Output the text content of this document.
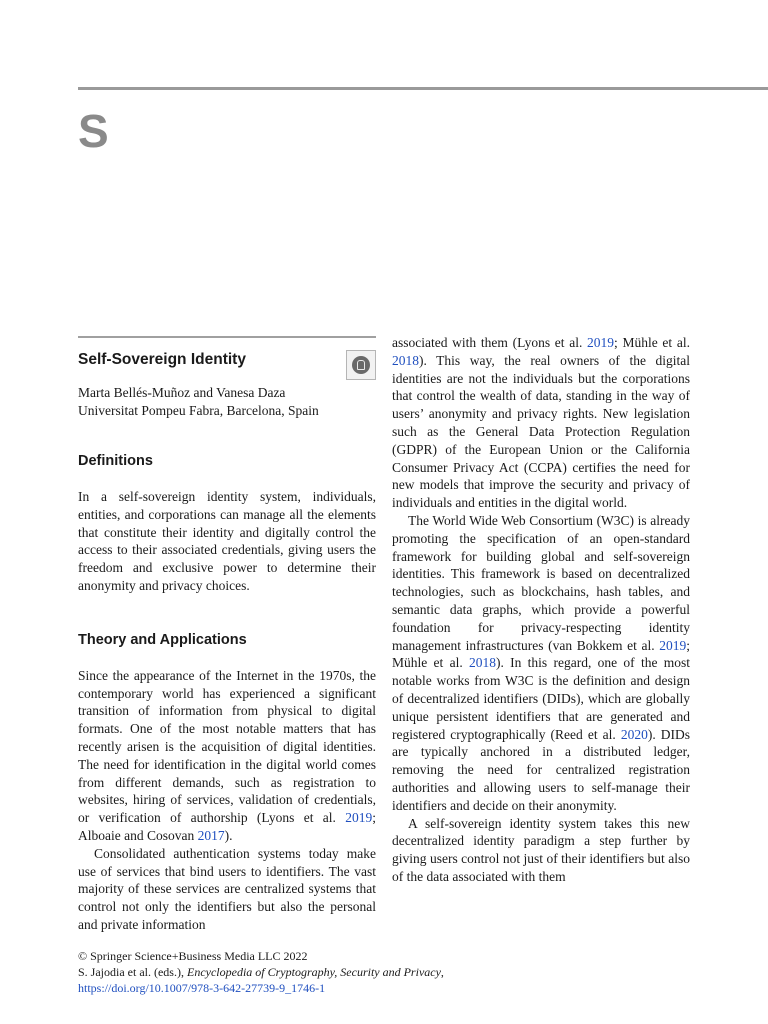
S
Self-Sovereign Identity
Marta Bellés-Muñoz and Vanesa Daza
Universitat Pompeu Fabra, Barcelona, Spain
Definitions

In a self-sovereign identity system, individuals, entities, and corporations can manage all the elements that constitute their identity and digitally control the access to their associated credentials, giving users the freedom and exclusive power to determine their anonymity and privacy choices.

Theory and Applications

Since the appearance of the Internet in the 1970s, the contemporary world has experienced a significant transition of information from physical to digital formats. One of the most notable matters that has recently arisen is the acquisition of digital identities. The need for identification in the digital world comes from different demands, such as registration to websites, hiring of services, validation of credentials, or verification of authorship (Lyons et al. 2019; Alboaie and Cosovan 2017).

Consolidated authentication systems today make use of services that bind users to identifiers. The vast majority of these services are centralized systems that control not only the identifiers but also the personal and private information

associated with them (Lyons et al. 2019; Mühle et al. 2018). This way, the real owners of the digital identities are not the individuals but the corporations that control the wealth of data, standing in the way of users’ anonymity and privacy rights. New legislation such as the General Data Protection Regulation (GDPR) of the European Union or the California Consumer Privacy Act (CCPA) certifies the need for new models that improve the security and privacy of individuals and entities in the digital world.

The World Wide Web Consortium (W3C) is already promoting the specification of an open-standard framework for building global and self-sovereign identities. This framework is based on decentralized technologies, such as blockchains, hash tables, and semantic data graphs, which provide a powerful foundation for privacy-respecting identity management infrastructures (van Bokkem et al. 2019; Mühle et al. 2018). In this regard, one of the most notable works from W3C is the definition and design of decentralized identifiers (DIDs), which are globally unique persistent identifiers that are generated and registered cryptographically (Reed et al. 2020). DIDs are typically anchored in a distributed ledger, removing the need for centralized registration authorities and allowing users to self-manage their identifiers and decide on their anonymity.

A self-sovereign identity system takes this new decentralized identity paradigm a step further by giving users control not just of their identifiers but also of the data associated with them

© Springer Science+Business Media LLC 2022
S. Jajodia et al. (eds.), Encyclopedia of Cryptography, Security and Privacy,
https://doi.org/10.1007/978-3-642-27739-9_1746-1
